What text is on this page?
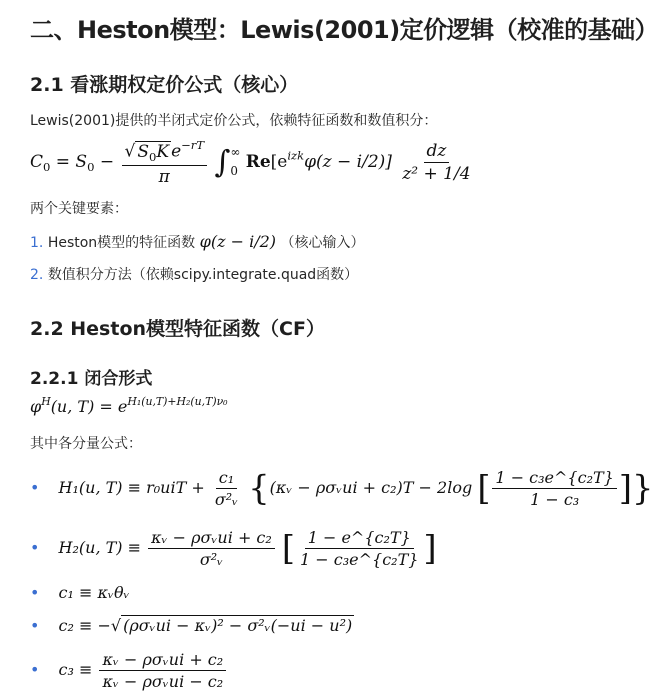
二、Heston模型：Lewis(2001)定价逻辑（校准的基础）
2.1 看涨期权定价公式（核心）
Lewis(2001)提供的半闭式定价公式，依赖特征函数和数值积分：
$C_0 = S_0 - \frac{√ S_0K e^{-rT}}{\pi}$ ∫ ∞
0 $Re[e^{izk}\varphi(z - i/2)] \frac{dz}{\text{z² + 1/4}}$
两个关键要素：
1. Heston模型的特征函数 φ(z − i/2) （核心输入）
2. 数值积分方法（依赖scipy.integrate.quad函数）
2.2 Heston模型特征函数（CF）
2.2.1 闭合形式
$\varphi^H(u$, $T) = e^{H_1(u,T)+H_2(u,T)\nu_0}$
其中各分量公式：
• H₁(u, $T) \equiv r_0uiT + \frac{\text{c₁}}{\text{σ²ᵥ}}$ {(κᵥ − ρσᵥui + c₂)T − 2log [ $\frac{\text{1 − c₃e\textasciicircum{}\{c₂T\}}}{\text{1 − c₃}}$ ]}
• H₂(u, $T) \equiv \frac{\text{κᵥ − ρσᵥui + c₂}}{\text{σ²ᵥ}}$ [ $\frac{\text{1 − e\textasciicircum{}\{c₂T\}}}{\text{1 − c₃e\textasciicircum{}\{c₂T\}}}$ ]
• c₁ ≡ κᵥθᵥ
• c₂ ≡ −√ (ρσᵥui − κᵥ)² − σ²ᵥ(−ui − u²)
• $c_3 \equiv \frac{\text{κᵥ − ρσᵥui + c₂}}{\text{κᵥ − ρσᵥui − c₂}}$
